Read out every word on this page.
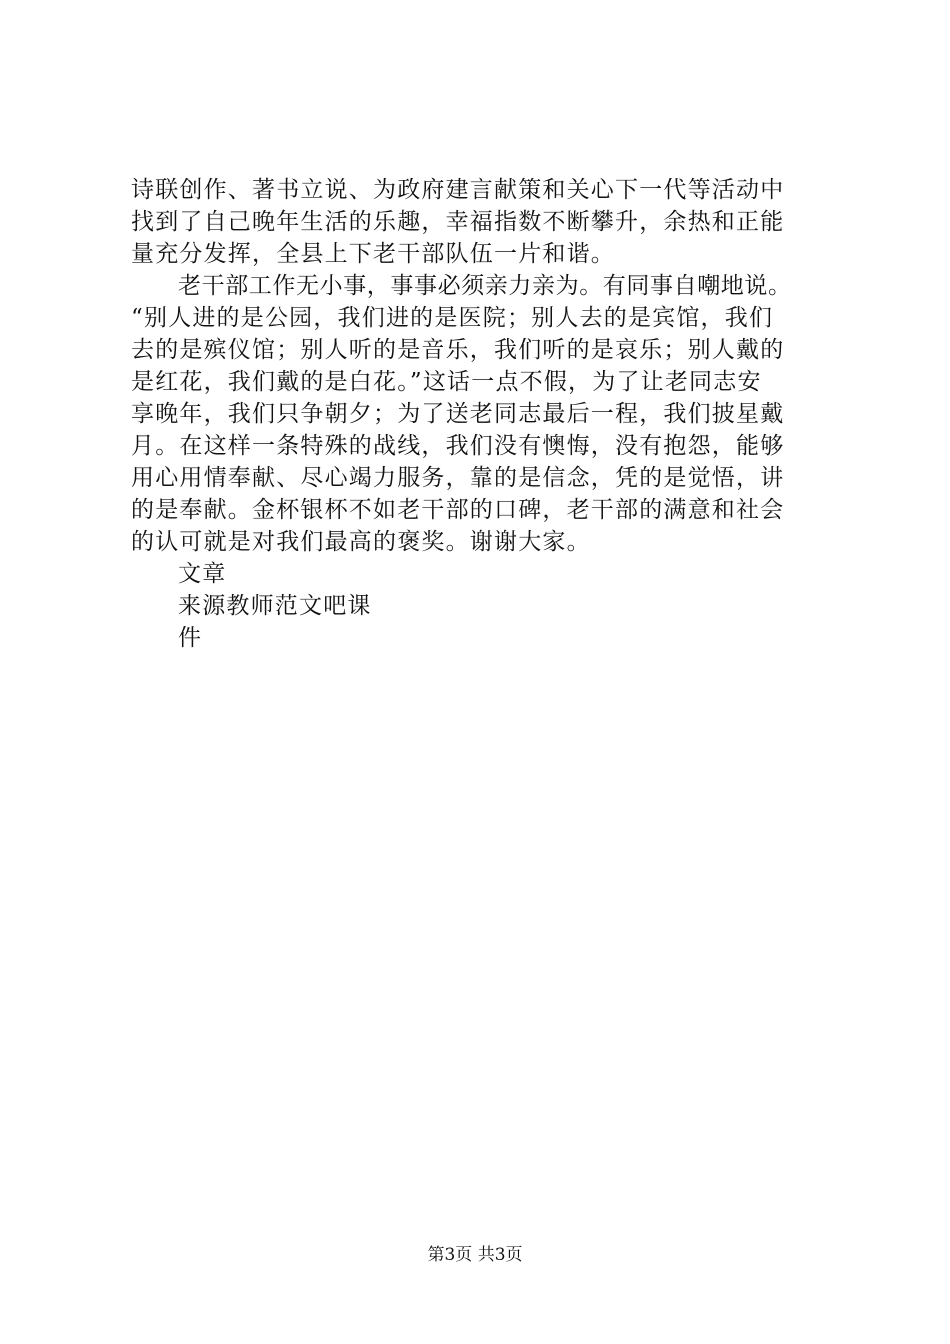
诗联创作、著书立说、为政府建言献策和关心下一代等活动中
找到了自己晚年生活的乐趣，幸福指数不断攀升，余热和正能
量充分发挥，全县上下老干部队伍一片和谐。
老干部工作无小事，事事必须亲力亲为。有同事自嘲地说。
“别人进的是公园，我们进的是医院；别人去的是宾馆，我们
去的是殡仪馆；别人听的是音乐，我们听的是哀乐；别人戴的
是红花，我们戴的是白花。”这话一点不假，为了让老同志安
享晚年，我们只争朝夕；为了送老同志最后一程，我们披星戴
月。在这样一条特殊的战线，我们没有懊悔，没有抱怨，能够
用心用情奉献、尽心竭力服务，靠的是信念，凭的是觉悟，讲
的是奉献。金杯银杯不如老干部的口碑，老干部的满意和社会
的认可就是对我们最高的褒奖。谢谢大家。
文章
来源教师范文吧课
件
第3页 共3页
